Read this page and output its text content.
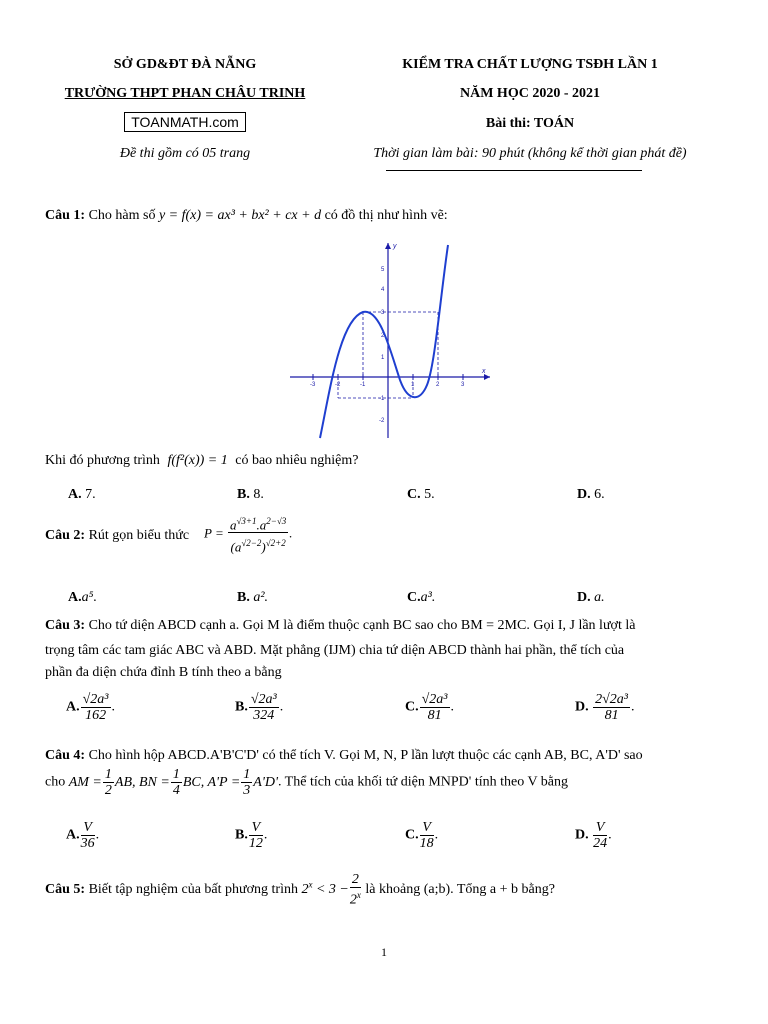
SỞ GD&ĐT ĐÀ NẴNG
TRƯỜNG THPT PHAN CHÂU TRINH
TOANMATH.com
Đề thi gồm có 05 trang
KIỂM TRA CHẤT LƯỢNG TSĐH LẦN 1
NĂM HỌC 2020 - 2021
Bài thi: TOÁN
Thời gian làm bài: 90 phút (không kể thời gian phát đề)
Câu 1: Cho hàm số y = f(x) = ax³ + bx² + cx + d có đồ thị như hình vẽ:
-3	-2	-1	1	2	3
5
4
3
2
1
-1
-2
x
y
Khi đó phương trình f(f²(x)) = 1 có bao nhiêu nghiệm?
A. 7.	B. 8.	C. 5.	D. 6.
Câu 2: Rút gọn biểu thức $P = \frac{a^{√3+1}.a^{2-√3}}{(a^{√2-2})^{√2+2}}$ .
A.a⁵.	B. a².	C.a³.	D. a.
Câu 3: Cho tứ diện ABCD cạnh a. Gọi M là điểm thuộc cạnh BC sao cho BM = 2MC. Gọi I, J lần lượt là
trọng tâm các tam giác ABC và ABD. Mặt phẳng (IJM) chia tứ diện ABCD thành hai phần, thể tích của
phần đa diện chứa đỉnh B tính theo a bằng
A. $\frac{\text{√2a³}}{162}$ .	B. $\frac{\text{√2a³}}{324}$ .	C. $\frac{\text{√2a³}}{81}$ .	D. $\frac{\text{2√2a³}}{81}$ .
Câu 4: Cho hình hộp ABCD.A'B'C'D' có thể tích V. Gọi M, N, P lần lượt thuộc các cạnh AB, BC, A'D' sao
cho AM = $\frac{1}{2}$ AB, BN = $\frac{1}{4}$ BC, $A'P = \frac{1}{3} A'D'$. Thể tích của khối tứ diện MNPD' tính theo V bằng
A. $\frac{V}{36}$ .	B. $\frac{V}{12}$ .	C. $\frac{V}{18}$ .	D. $\frac{V}{24}$ .
Câu 5: Biết tập nghiệm của bất phương trình $2^x < 3 - \frac{2}{2^x}$ là khoảng (a;b). Tổng a + b bằng?
1
